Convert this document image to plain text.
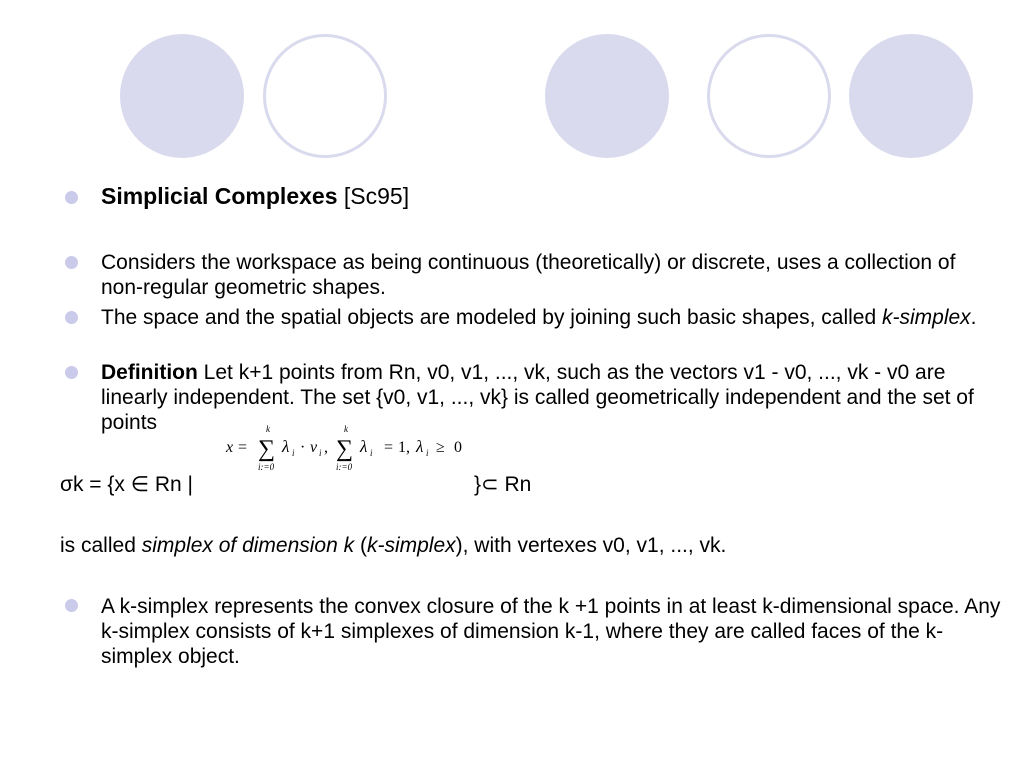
Simplicial Complexes [Sc95]
Considers the workspace as being continuous (theoretically) or discrete, uses a collection of non-regular geometric shapes.
The space and the spatial objects are modeled by joining such basic shapes, called k-simplex.
Definition Let k+1 points from Rn, v0, v1, ..., vk, such as the vectors v1 - v0, ..., vk - v0 are linearly independent. The set {v0, v1, ..., vk} is called geometrically independent and the set of points
x =
k
∑
i:=0
λ i · v i ,
k
∑
i:=0
λ i = 1, λ i ≥ 0
σk = {x ∈ Rn |	}⊂ Rn
is called simplex of dimension k (k-simplex), with vertexes v0, v1, ..., vk.
A k-simplex represents the convex closure of the k +1 points in at least k-dimensional space. Any k-simplex consists of k+1 simplexes of dimension k-1, where they are called faces of the k-simplex object.
